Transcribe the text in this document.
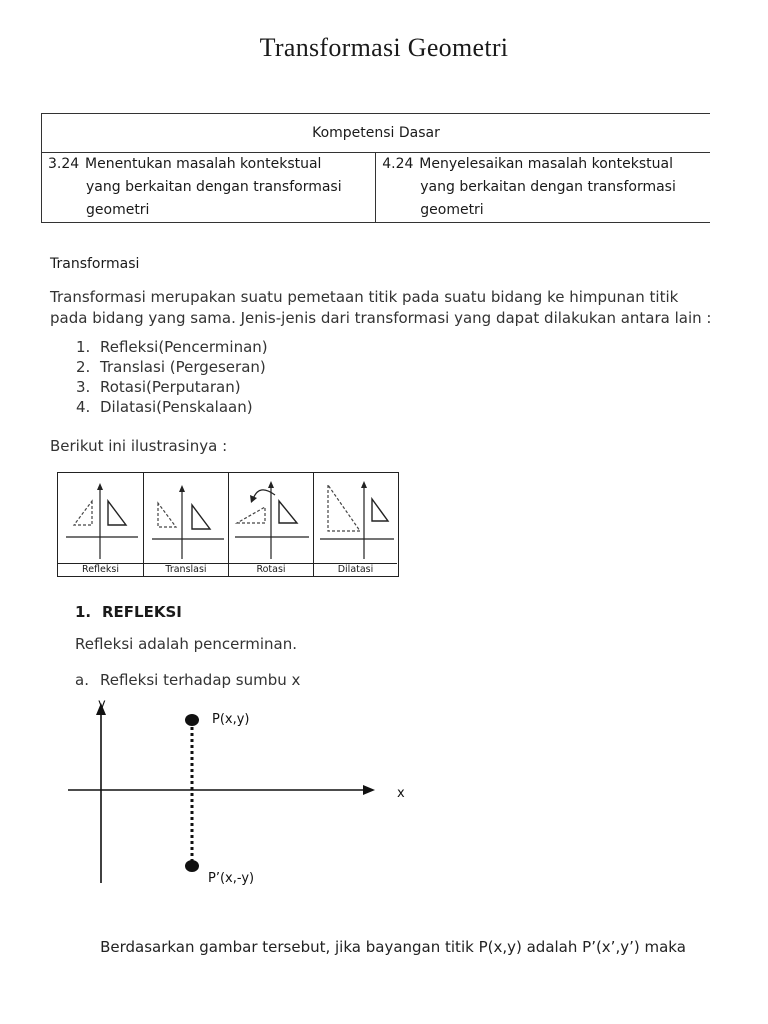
Transformasi Geometri
Kompetensi Dasar

3.24 Menentukan masalah kontekstual
yang berkaitan dengan transformasi
geometri

4.24 Menyelesaikan masalah kontekstual
yang berkaitan dengan transformasi
geometri
Transformasi
Transformasi merupakan suatu pemetaan titik pada suatu bidang ke himpunan titik
pada bidang yang sama. Jenis-jenis dari transformasi yang dapat dilakukan antara lain :
1. Refleksi(Pencerminan)
2. Translasi (Pergeseran)
3. Rotasi(Perputaran)
4. Dilatasi(Penskalaan)
Berikut ini ilustrasinya :
Refleksi	Translasi	Rotasi	Dilatasi
1. REFLEKSI
Refleksi adalah pencerminan.
a. Refleksi terhadap sumbu x
y
x
P(x,y)
P’(x,-y)
Berdasarkan gambar tersebut, jika bayangan titik P(x,y) adalah P’(x’,y’) maka
